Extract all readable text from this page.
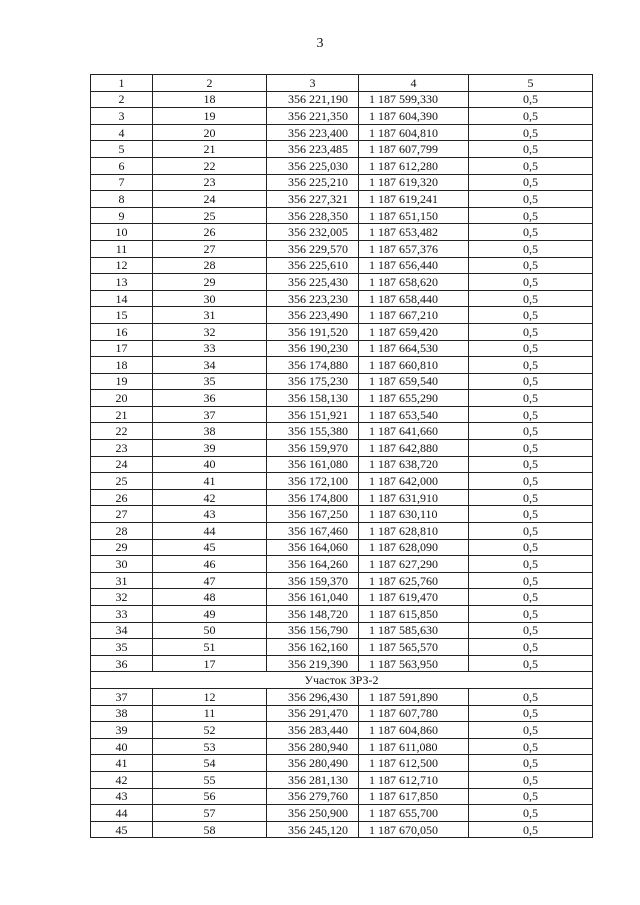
3
1	2	3	4	5
2	18	356 221,190	1 187 599,330	0,5
3	19	356 221,350	1 187 604,390	0,5
4	20	356 223,400	1 187 604,810	0,5
5	21	356 223,485	1 187 607,799	0,5
6	22	356 225,030	1 187 612,280	0,5
7	23	356 225,210	1 187 619,320	0,5
8	24	356 227,321	1 187 619,241	0,5
9	25	356 228,350	1 187 651,150	0,5
10	26	356 232,005	1 187 653,482	0,5
11	27	356 229,570	1 187 657,376	0,5
12	28	356 225,610	1 187 656,440	0,5
13	29	356 225,430	1 187 658,620	0,5
14	30	356 223,230	1 187 658,440	0,5
15	31	356 223,490	1 187 667,210	0,5
16	32	356 191,520	1 187 659,420	0,5
17	33	356 190,230	1 187 664,530	0,5
18	34	356 174,880	1 187 660,810	0,5
19	35	356 175,230	1 187 659,540	0,5
20	36	356 158,130	1 187 655,290	0,5
21	37	356 151,921	1 187 653,540	0,5
22	38	356 155,380	1 187 641,660	0,5
23	39	356 159,970	1 187 642,880	0,5
24	40	356 161,080	1 187 638,720	0,5
25	41	356 172,100	1 187 642,000	0,5
26	42	356 174,800	1 187 631,910	0,5
27	43	356 167,250	1 187 630,110	0,5
28	44	356 167,460	1 187 628,810	0,5
29	45	356 164,060	1 187 628,090	0,5
30	46	356 164,260	1 187 627,290	0,5
31	47	356 159,370	1 187 625,760	0,5
32	48	356 161,040	1 187 619,470	0,5
33	49	356 148,720	1 187 615,850	0,5
34	50	356 156,790	1 187 585,630	0,5
35	51	356 162,160	1 187 565,570	0,5
36	17	356 219,390	1 187 563,950	0,5
Участок ЗРЗ-2				
37	12	356 296,430	1 187 591,890	0,5
38	11	356 291,470	1 187 607,780	0,5
39	52	356 283,440	1 187 604,860	0,5
40	53	356 280,940	1 187 611,080	0,5
41	54	356 280,490	1 187 612,500	0,5
42	55	356 281,130	1 187 612,710	0,5
43	56	356 279,760	1 187 617,850	0,5
44	57	356 250,900	1 187 655,700	0,5
45	58	356 245,120	1 187 670,050	0,5
